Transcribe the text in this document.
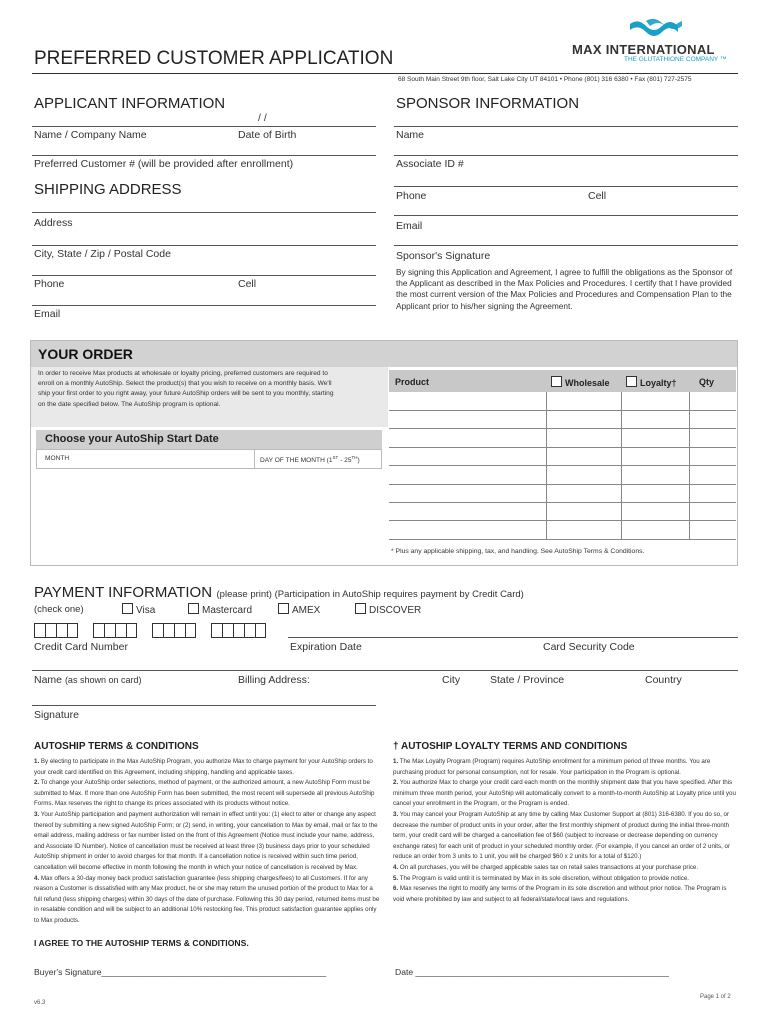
PREFERRED CUSTOMER APPLICATION	MAX INTERNATIONAL
THE GLUTATHIONE COMPANY ™
68 South Main Street 9th floor, Salt Lake City UT 84101 • Phone (801) 316 6380 • Fax (801) 727-2575
APPLICANT INFORMATION
/ /
Name / Company Name	Date of Birth
Preferred Customer # (will be provided after enrollment)
SHIPPING ADDRESS
Address
City, State / Zip / Postal Code
Phone	Cell
Email
SPONSOR INFORMATION
Name
Associate ID #
Phone	Cell
Email
Sponsor's Signature
By signing this Application and Agreement, I agree to fulfill the obligations as the Sponsor of the Applicant as described in the Max Policies and Procedures. I certify that I have provided the most current version of the Max Policies and Procedures and Compensation Plan to the Applicant prior to his/her signing the Agreement.
YOUR ORDER
In order to receive Max products at wholesale or loyalty pricing, preferred customers are required to enroll on a monthly AutoShip. Select the product(s) that you wish to receive on a monthly basis. We'll ship your first order to you right away, your future AutoShip orders will be sent to you monthly, starting on the date specified below. The AutoShip program is optional.
Choose your AutoShip Start Date
MONTH	DAY OF THE MONTH (1ST - 25TH)
Product	Wholesale	Loyalty† Qty
* Plus any applicable shipping, tax, and handling. See AutoShip Terms & Conditions.
PAYMENT INFORMATION (please print) (Participation in AutoShip requires payment by Credit Card)
(check one)	Visa	Mastercard	AMEX	DISCOVER
Credit Card Number	Expiration Date	Card Security Code
Name (as shown on card)	Billing Address:	City	State / Province	Country
Signature
AUTOSHIP TERMS & CONDITIONS
1. By electing to participate in the Max AutoShip Program, you authorize Max to charge payment for your AutoShip orders to your credit card identified on this Agreement, including shipping, handling and applicable taxes.
2. To change your AutoShip order selections, method of payment, or the authorized amount, a new AutoShip Form must be submitted to Max. If more than one AutoShip Form has been submitted, the most recent will supersede all previous AutoShip Forms. Max reserves the right to change its prices associated with its products without notice.
3. Your AutoShip participation and payment authorization will remain in effect until you: (1) elect to alter or change any aspect thereof by submitting a new signed AutoShip Form; or (2) send, in writing, your cancellation to Max by email, mail or fax to the email address, mailing address or fax number listed on the front of this Agreement (Notice must include your name, address, and Associate ID Number). Notice of cancellation must be received at least three (3) business days prior to your scheduled AutoShip shipment in order to avoid charges for that month. If a cancellation notice is received within such time period, cancellation will become effective in month following the month in which your notice of cancellation is received by Max.
4. Max offers a 30-day money back product satisfaction guarantee (less shipping charges/fees) to all Customers. If for any reason a Customer is dissatisfied with any Max product, he or she may return the unused portion of the product to Max for a full refund (less shipping charges) within 30 days of the date of purchase. Following this 30 day period, returned items must be in resalable condition and will be subject to an additional 10% restocking fee. This product satisfaction guarantee applies only to Max products.
† AUTOSHIP LOYALTY TERMS AND CONDITIONS
1. The Max Loyalty Program (Program) requires AutoShip enrollment for a minimum period of three months. You are purchasing product for personal consumption, not for resale. Your participation in the Program is optional.
2. You authorize Max to charge your credit card each month on the monthly shipment date that you have specified. After this minimum three month period, your AutoShip will automatically convert to a month-to-month AutoShip at Loyalty price until you cancel your enrollment in the Program, or the Program is ended.
3. You may cancel your Program AutoShip at any time by calling Max Customer Support at (801) 316-6380. If you do so, or decrease the number of product units in your order, after the first monthly shipment of product during the initial three-month term, your credit card will be charged a cancellation fee of $60 (subject to increase or decrease depending on currency exchange rates) for each unit of product in your scheduled monthly order. (For example, if you cancel an order of 2 units, or reduce an order from 3 units to 1 unit, you will be charged $60 x 2 units for a total of $120.)
4. On all purchases, you will be charged applicable sales tax on retail sales transactions at your purchase price.
5. The Program is valid until it is terminated by Max in its sole discretion, without obligation to provide notice.
6. Max reserves the right to modify any terms of the Program in its sole discretion and without prior notice. The Program is void where prohibited by law and subject to all federal/state/local laws and regulations.
I AGREE TO THE AUTOSHIP TERMS & CONDITIONS.
Buyer's Signature_______________________________________________	Date _____________________________________________________
v6.3
Page 1 of 2
